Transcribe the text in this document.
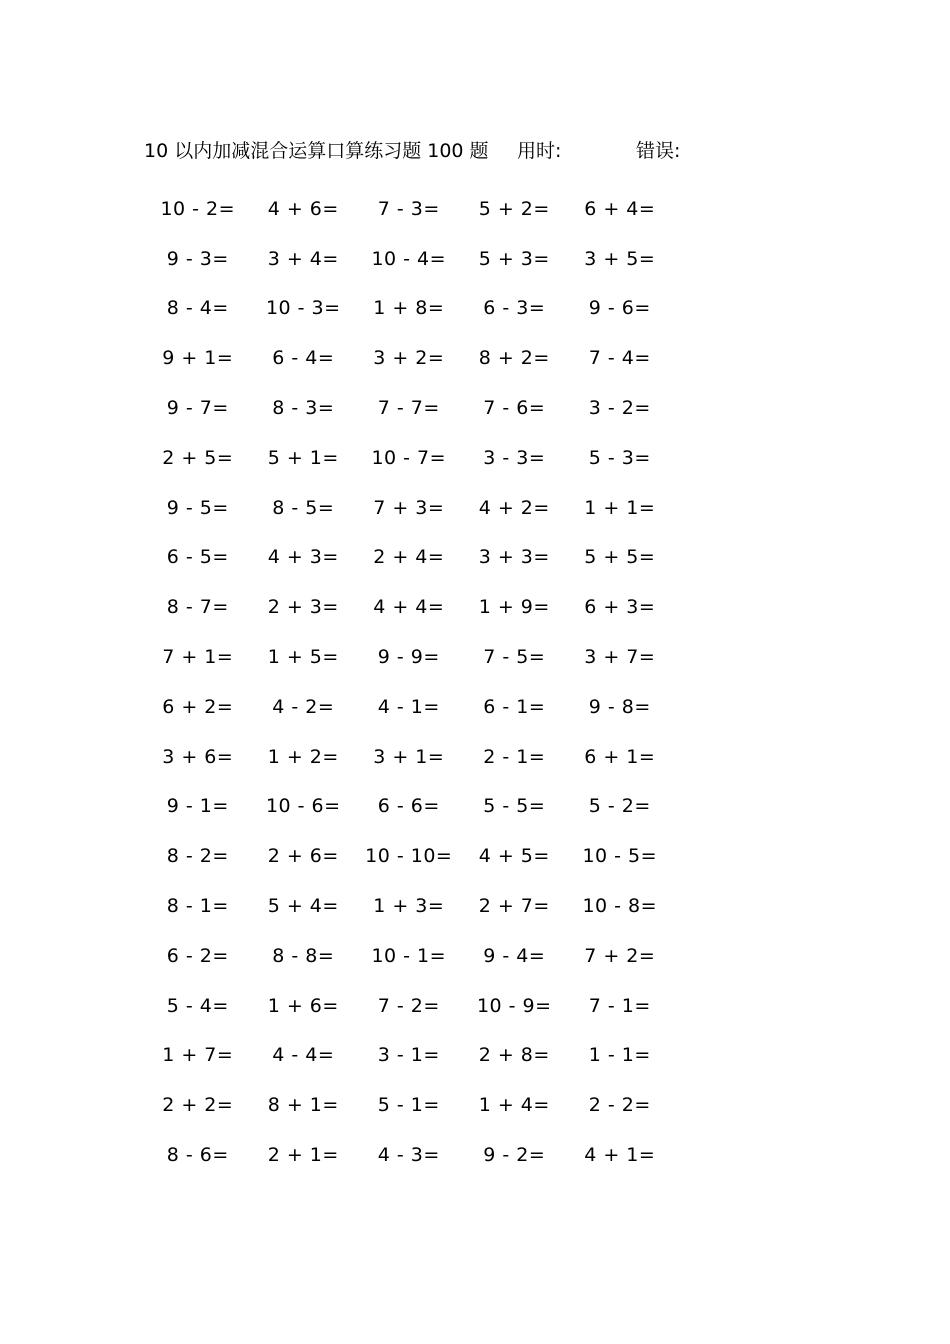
10 以内加减混合运算口算练习题 100 题 用时:	错误:
10 - 2=	4 + 6=	7 - 3=	5 + 2=	6 + 4=
9 - 3=	3 + 4=	10 - 4=	5 + 3=	3 + 5=
8 - 4=	10 - 3=	1 + 8=	6 - 3=	9 - 6=
9 + 1=	6 - 4=	3 + 2=	8 + 2=	7 - 4=
9 - 7=	8 - 3=	7 - 7=	7 - 6=	3 - 2=
2 + 5=	5 + 1=	10 - 7=	3 - 3=	5 - 3=
9 - 5=	8 - 5=	7 + 3=	4 + 2=	1 + 1=
6 - 5=	4 + 3=	2 + 4=	3 + 3=	5 + 5=
8 - 7=	2 + 3=	4 + 4=	1 + 9=	6 + 3=
7 + 1=	1 + 5=	9 - 9=	7 - 5=	3 + 7=
6 + 2=	4 - 2=	4 - 1=	6 - 1=	9 - 8=
3 + 6=	1 + 2=	3 + 1=	2 - 1=	6 + 1=
9 - 1=	10 - 6=	6 - 6=	5 - 5=	5 - 2=
8 - 2=	2 + 6=	10 - 10=	4 + 5=	10 - 5=
8 - 1=	5 + 4=	1 + 3=	2 + 7=	10 - 8=
6 - 2=	8 - 8=	10 - 1=	9 - 4=	7 + 2=
5 - 4=	1 + 6=	7 - 2=	10 - 9=	7 - 1=
1 + 7=	4 - 4=	3 - 1=	2 + 8=	1 - 1=
2 + 2=	8 + 1=	5 - 1=	1 + 4=	2 - 2=
8 - 6=	2 + 1=	4 - 3=	9 - 2=	4 + 1=
